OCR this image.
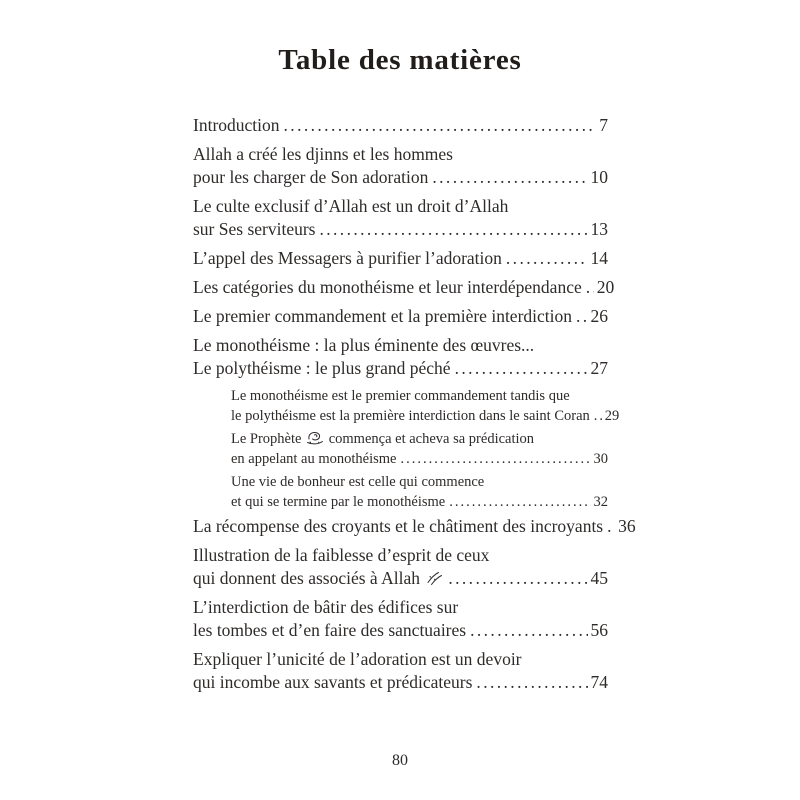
Table des matières
Introduction .....	7
Allah a créé les djinns et les hommes
pour les charger de Son adoration .....	10
Le culte exclusif d’Allah est un droit d’Allah
sur Ses serviteurs .....	13
L’appel des Messagers à purifier l’adoration .....	14
Les catégories du monothéisme et leur interdépendance ..... 20
Le premier commandement et la première interdiction ..... 26
Le monothéisme : la plus éminente des œuvres...
Le polythéisme : le plus grand péché .....	27
Le monothéisme est le premier commandement tandis que
le polythéisme est la première interdiction dans le saint Coran ..... 29
Le Prophète
commença et acheva sa prédication
en appelant au monothéisme .....	30
Une vie de bonheur est celle qui commence
et qui se termine par le monothéisme .....	32
La récompense des croyants et le châtiment des incroyants ..... 36
Illustration de la faiblesse d’esprit de ceux
qui donnent des associés à Allah .....	45
L’interdiction de bâtir des édifices sur
les tombes et d’en faire des sanctuaires .....	56
Expliquer l’unicité de l’adoration est un devoir
qui incombe aux savants et prédicateurs .....	74
80
